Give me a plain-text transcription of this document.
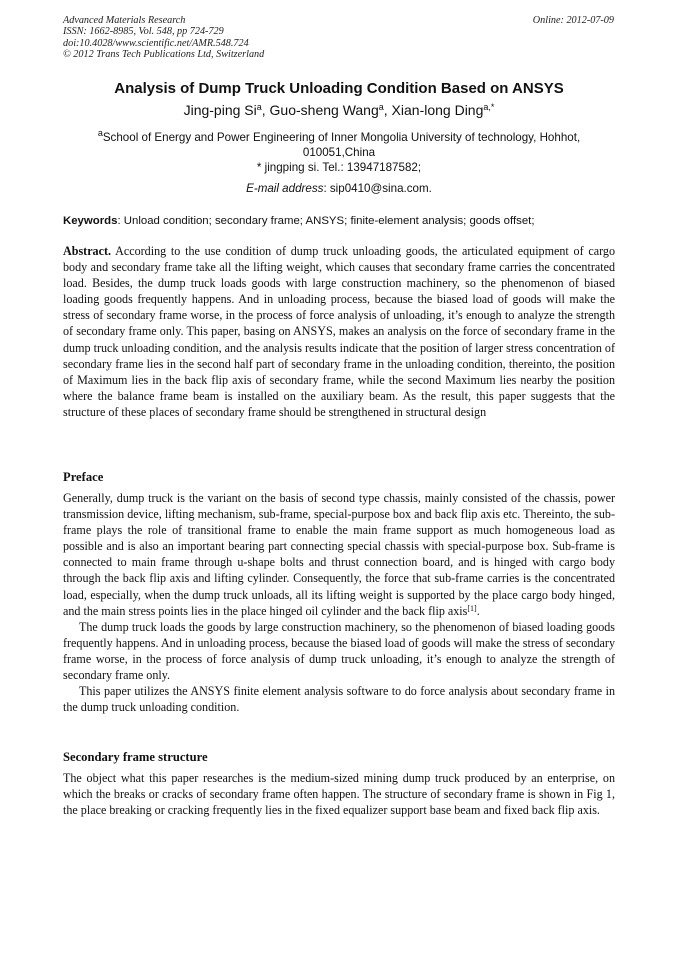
Advanced Materials Research
ISSN: 1662-8985, Vol. 548, pp 724-729
doi:10.4028/www.scientific.net/AMR.548.724
© 2012 Trans Tech Publications Ltd, Switzerland
Online: 2012-07-09
Analysis of Dump Truck Unloading Condition Based on ANSYS
Jing-ping Si$^a$, Guo-sheng Wang$^a$, Xian-long Ding$^{a,*}$
$^a$School of Energy and Power Engineering of Inner Mongolia University of technology, Hohhot, 010051,China
* jingping si. Tel.: 13947187582;
E-mail address: sip0410@sina.com.
Keywords: Unload condition; secondary frame; ANSYS; finite-element analysis; goods offset;
Abstract. According to the use condition of dump truck unloading goods, the articulated equipment of cargo body and secondary frame take all the lifting weight, which causes that secondary frame carries the concentrated load. Besides, the dump truck loads goods with large construction machinery, so the phenomenon of biased loading goods frequently happens. And in unloading process, because the biased load of goods will make the stress of secondary frame worse, in the process of force analysis of unloading, it’s enough to analyze the strength of secondary frame only. This paper, basing on ANSYS, makes an analysis on the force of secondary frame in the dump truck unloading condition, and the analysis results indicate that the position of larger stress concentration of secondary frame lies in the second half part of secondary frame in the unloading condition, thereinto, the position of Maximum lies in the back flip axis of secondary frame, while the second Maximum lies nearby the position where the balance frame beam is installed on the auxiliary beam. As the result, this paper suggests that the structure of these places of secondary frame should be strengthened in structural design
Preface

Generally, dump truck is the variant on the basis of second type chassis, mainly consisted of the chassis, power transmission device, lifting mechanism, sub-frame, special-purpose box and back flip axis etc. Thereinto, the sub-frame plays the role of transitional frame to enable the main frame support as much homogeneous load as possible and is also an important bearing part connecting special chassis with special-purpose box. Sub-frame is connected to main frame through u-shape bolts and thrust connection board, and is hinged with cargo body through the back flip axis and lifting cylinder. Consequently, the force that sub-frame carries is the concentrated load, especially, when the dump truck unloads, all its lifting weight is supported by the place cargo body hinged, and the main stress points lies in the place hinged oil cylinder and the back flip axis[1].

The dump truck loads the goods by large construction machinery, so the phenomenon of biased loading goods frequently happens. And in unloading process, because the biased load of goods will make the stress of secondary frame worse, in the process of force analysis of dump truck unloading, it’s enough to analyze the strength of secondary frame only.

This paper utilizes the ANSYS finite element analysis software to do force analysis about secondary frame in the dump truck unloading condition.

Secondary frame structure
The object what this paper researches is the medium-sized mining dump truck produced by an enterprise, on which the breaks or cracks of secondary frame often happen. The structure of secondary frame is shown in Fig 1, the place breaking or cracking frequently lies in the fixed equalizer support base beam and fixed back flip axis.
